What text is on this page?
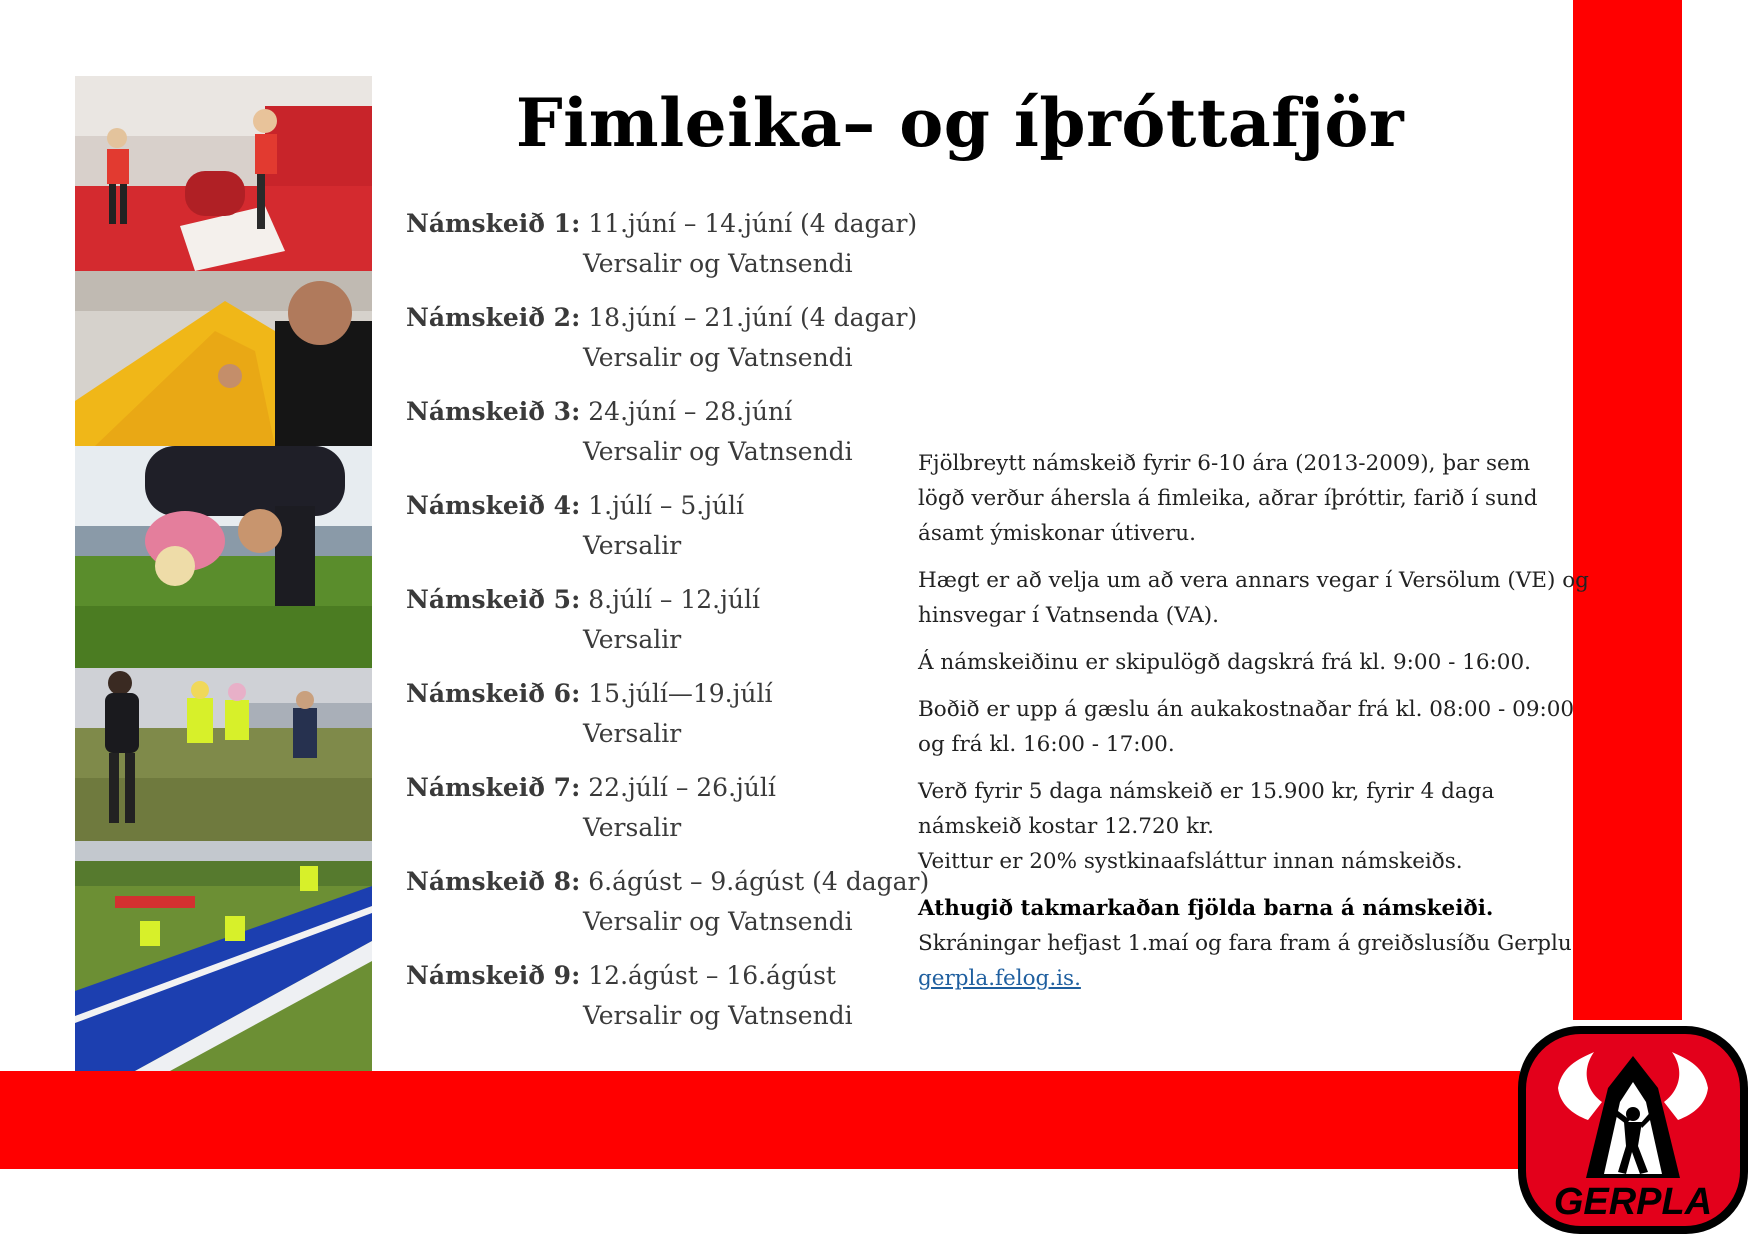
Fimleika– og íþróttafjör
Námskeið 1: 11.júní – 14.júní (4 dagar)
Versalir og Vatnsendi
Námskeið 2: 18.júní – 21.júní (4 dagar)
Versalir og Vatnsendi
Námskeið 3: 24.júní – 28.júní
Versalir og Vatnsendi
Námskeið 4: 1.júlí – 5.júlí
Versalir
Námskeið 5: 8.júlí – 12.júlí
Versalir
Námskeið 6: 15.júlí—19.júlí
Versalir
Námskeið 7: 22.júlí – 26.júlí
Versalir
Námskeið 8: 6.ágúst – 9.ágúst (4 dagar)
Versalir og Vatnsendi
Námskeið 9: 12.ágúst – 16.ágúst
Versalir og Vatnsendi

Fjölbreytt námskeið fyrir 6-10 ára (2013-2009), þar sem
lögð verður áhersla á fimleika, aðrar íþróttir, farið í sund
ásamt ýmiskonar útiveru.

Hægt er að velja um að vera annars vegar í Versölum (VE) og
hinsvegar í Vatnsenda (VA).

Á námskeiðinu er skipulögð dagskrá frá kl. 9:00 - 16:00.

Boðið er upp á gæslu án aukakostnaðar frá kl. 08:00 - 09:00
og frá kl. 16:00 - 17:00.

Verð fyrir 5 daga námskeið er 15.900 kr, fyrir 4 daga
námskeið kostar 12.720 kr.
Veittur er 20% systkinaafsláttur innan námskeiðs.

Athugið takmarkaðan fjölda barna á námskeiði.
Skráningar hefjast 1.maí og fara fram á greiðslusíðu Gerplu
gerpla.felog.is.

GERPLA
